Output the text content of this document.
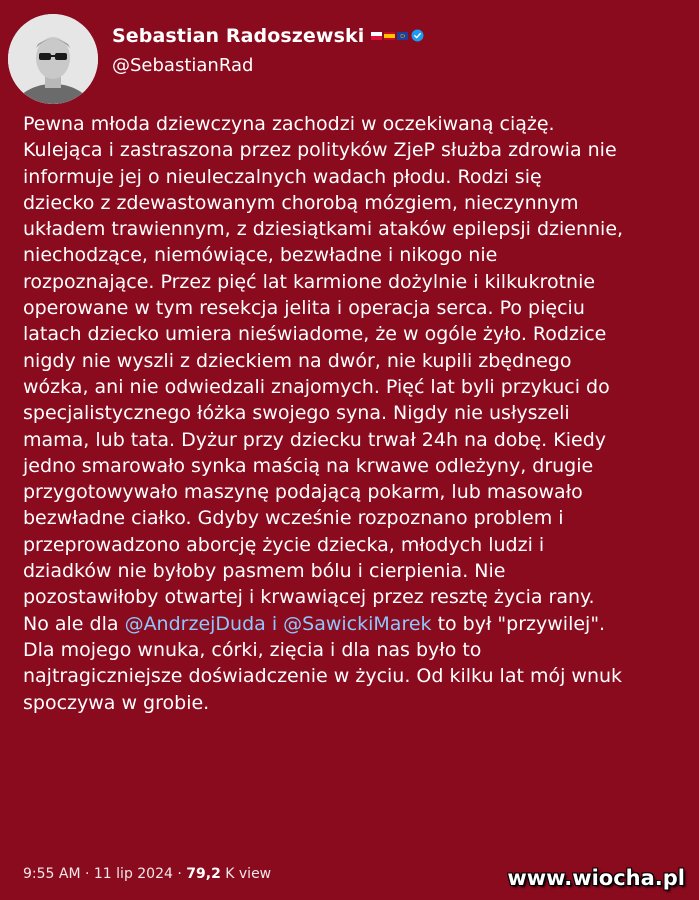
Sebastian Radoszewski
@SebastianRad
Pewna młoda dziewczyna zachodzi w oczekiwaną ciążę.
Kulejąca i zastraszona przez polityków ZjeP służba zdrowia nie
informuje jej o nieuleczalnych wadach płodu. Rodzi się
dziecko z zdewastowanym chorobą mózgiem, nieczynnym
układem trawiennym, z dziesiątkami ataków epilepsji dziennie,
niechodzące, niemówiące, bezwładne i nikogo nie
rozpoznające. Przez pięć lat karmione dożylnie i kilkukrotnie
operowane w tym resekcja jelita i operacja serca. Po pięciu
latach dziecko umiera nieświadome, że w ogóle żyło. Rodzice
nigdy nie wyszli z dzieckiem na dwór, nie kupili zbędnego
wózka, ani nie odwiedzali znajomych. Pięć lat byli przykuci do
specjalistycznego łóżka swojego syna. Nigdy nie usłyszeli
mama, lub tata. Dyżur przy dziecku trwał 24h na dobę. Kiedy
jedno smarowało synka maścią na krwawe odleżyny, drugie
przygotowywało maszynę podającą pokarm, lub masowało
bezwładne ciałko. Gdyby wcześnie rozpoznano problem i
przeprowadzono aborcję życie dziecka, młodych ludzi i
dziadków nie byłoby pasmem bólu i cierpienia. Nie
pozostawiłoby otwartej i krwawiącej przez resztę życia rany.
No ale dla @AndrzejDuda i @SawickiMarek to był "przywilej".
Dla mojego wnuka, córki, zięcia i dla nas było to
najtragiczniejsze doświadczenie w życiu. Od kilku lat mój wnuk
spoczywa w grobie.
9:55 AM · 11 lip 2024 · 79,2 K view	www.wiocha.pl
